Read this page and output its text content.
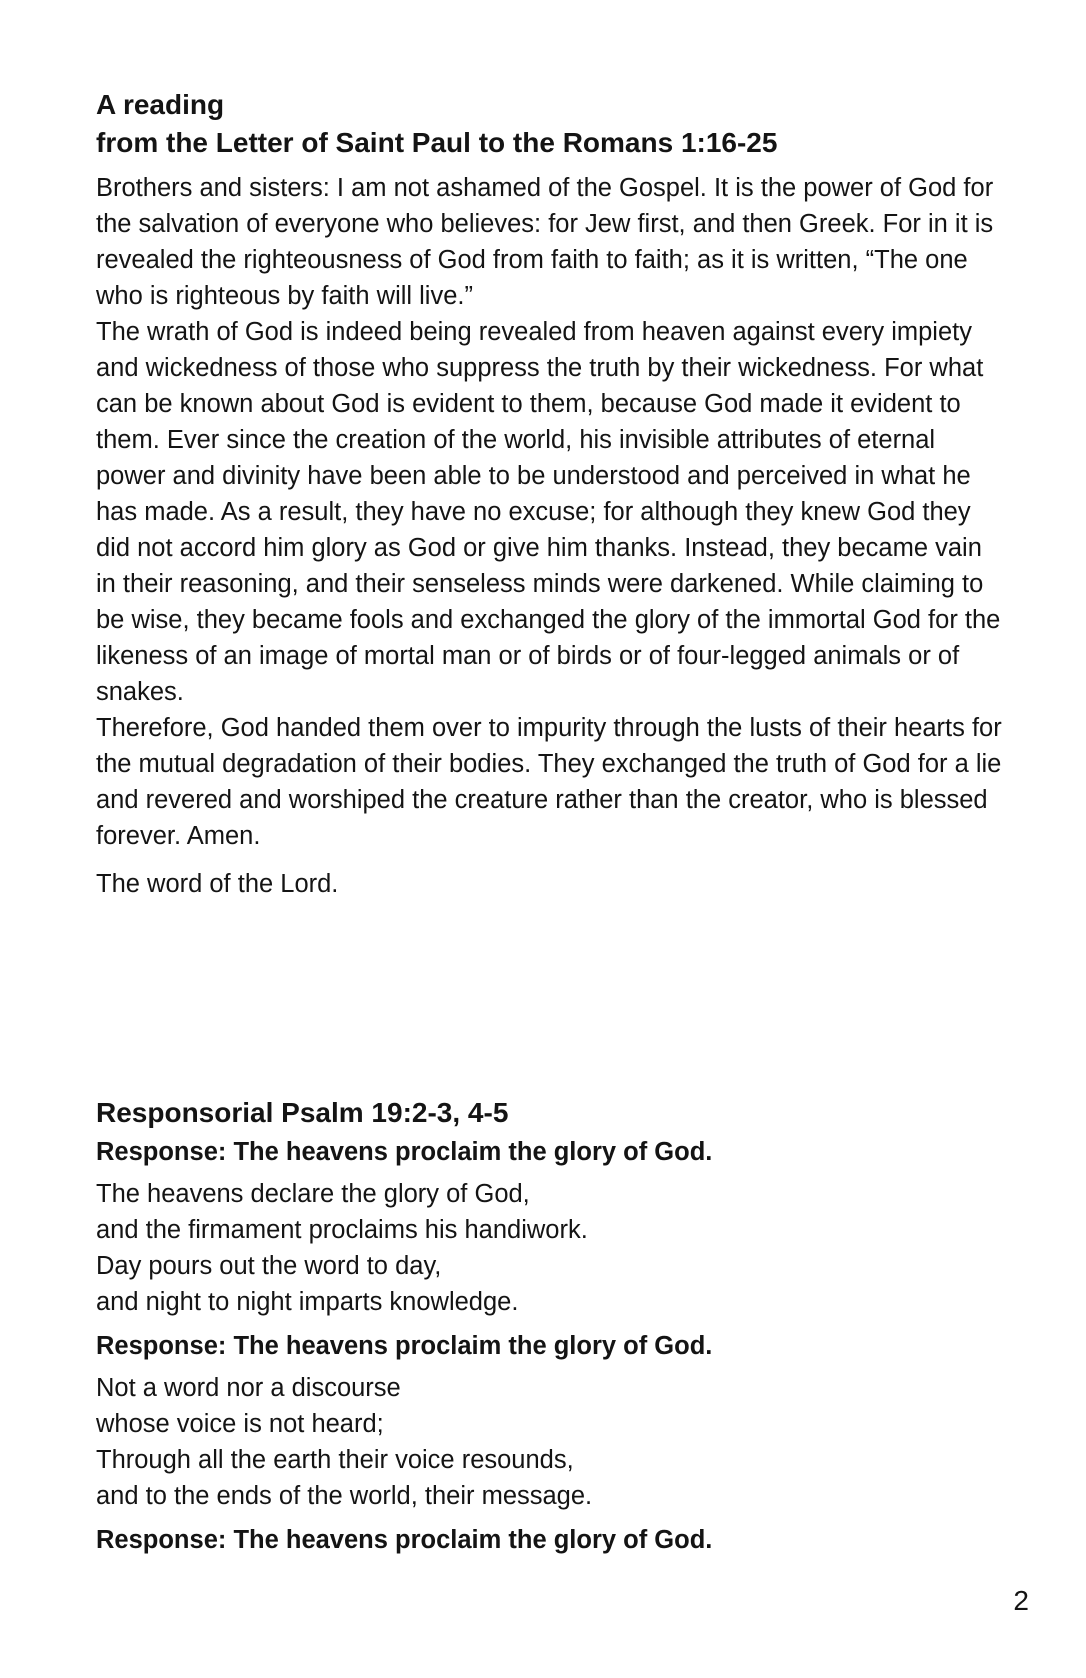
A reading

from the Letter of Saint Paul to the Romans 1:16-25

Brothers and sisters: I am not ashamed of the Gospel. It is the power of God for the salvation of everyone who believes: for Jew first, and then Greek. For in it is revealed the righteousness of God from faith to faith; as it is written, “The one who is righteous by faith will live.”

The wrath of God is indeed being revealed from heaven against every impiety and wickedness of those who suppress the truth by their wickedness. For what can be known about God is evident to them, because God made it evident to them. Ever since the creation of the world, his invisible attributes of eternal power and divinity have been able to be understood and perceived in what he has made. As a result, they have no excuse; for although they knew God they did not accord him glory as God or give him thanks. Instead, they became vain in their reasoning, and their senseless minds were darkened. While claiming to be wise, they became fools and exchanged the glory of the immortal God for the likeness of an image of mortal man or of birds or of four-legged animals or of snakes.

Therefore, God handed them over to impurity through the lusts of their hearts for the mutual degradation of their bodies. They exchanged the truth of God for a lie and revered and worshiped the creature rather than the creator, who is blessed forever. Amen.

The word of the Lord.

Responsorial Psalm 19:2-3, 4-5

Response: The heavens proclaim the glory of God.

The heavens declare the glory of God,
and the firmament proclaims his handiwork.
Day pours out the word to day,
and night to night imparts knowledge.

Response: The heavens proclaim the glory of God.

Not a word nor a discourse
whose voice is not heard;
Through all the earth their voice resounds,
and to the ends of the world, their message.

Response: The heavens proclaim the glory of God.

2
